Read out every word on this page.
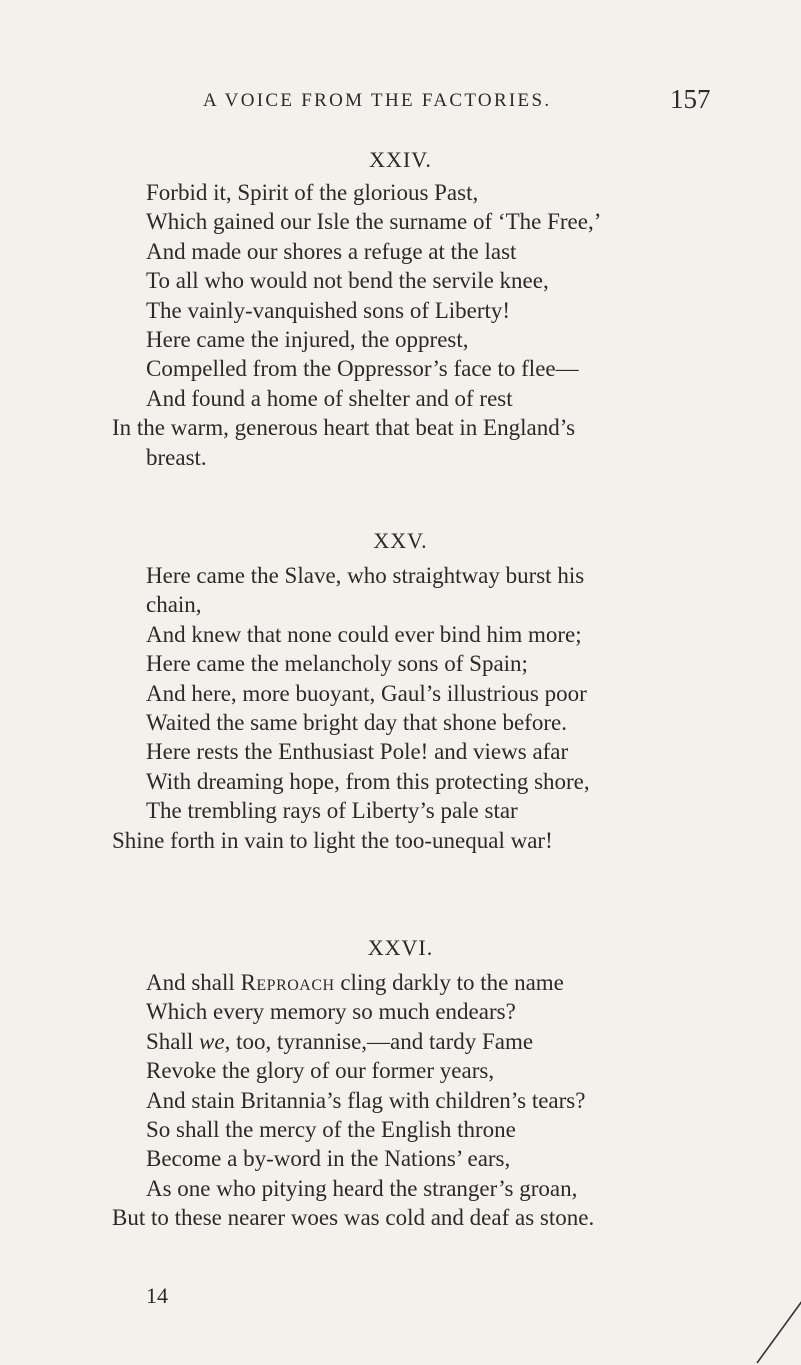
A VOICE FROM THE FACTORIES.	157
XXIV.
Forbid it, Spirit of the glorious Past,
Which gained our Isle the surname of ‘The Free,’
And made our shores a refuge at the last
To all who would not bend the servile knee,
The vainly-vanquished sons of Liberty!
Here came the injured, the opprest,
Compelled from the Oppressor’s face to flee—
And found a home of shelter and of rest
In the warm, generous heart that beat in England’s
breast.
XXV.
Here came the Slave, who straightway burst his
chain,
And knew that none could ever bind him more;
Here came the melancholy sons of Spain;
And here, more buoyant, Gaul’s illustrious poor
Waited the same bright day that shone before.
Here rests the Enthusiast Pole! and views afar
With dreaming hope, from this protecting shore,
The trembling rays of Liberty’s pale star
Shine forth in vain to light the too-unequal war!
XXVI.
And shall Reproach cling darkly to the name
Which every memory so much endears?
Shall we, too, tyrannise,—and tardy Fame
Revoke the glory of our former years,
And stain Britannia’s flag with children’s tears?
So shall the mercy of the English throne
Become a by-word in the Nations’ ears,
As one who pitying heard the stranger’s groan,
But to these nearer woes was cold and deaf as stone.
14
